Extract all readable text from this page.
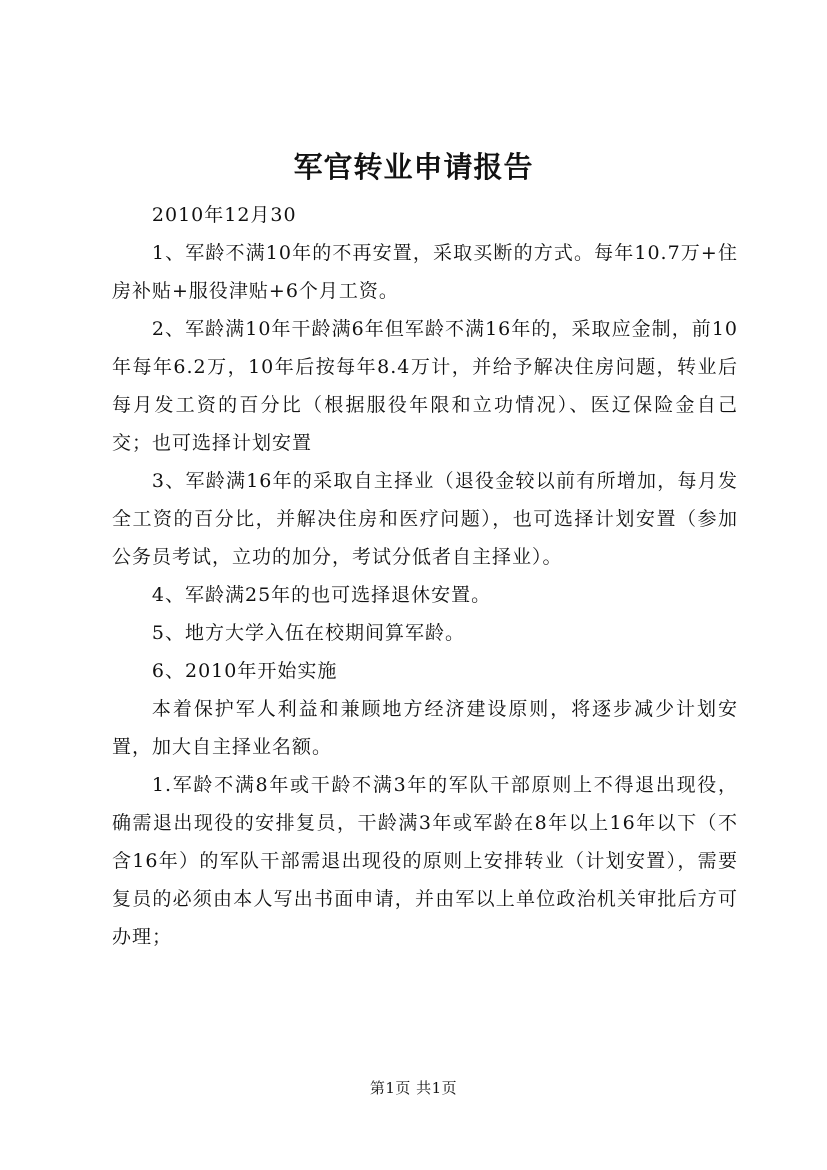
军官转业申请报告

2010年12月30

1、军龄不满10年的不再安置，采取买断的方式。每年10.7万+住房补贴+服役津贴+6个月工资。

2、军龄满10年干龄满6年但军龄不满16年的，采取应金制，前10年每年6.2万，10年后按每年8.4万计，并给予解决住房问题，转业后每月发工资的百分比（根据服役年限和立功情况）、医辽保险金自己交；也可选择计划安置

3、军龄满16年的采取自主择业（退役金较以前有所增加，每月发全工资的百分比，并解决住房和医疗问题），也可选择计划安置（参加公务员考试，立功的加分，考试分低者自主择业）。

4、军龄满25年的也可选择退休安置。

5、地方大学入伍在校期间算军龄。

6、2010年开始实施

本着保护军人利益和兼顾地方经济建设原则，将逐步减少计划安置，加大自主择业名额。

1.军龄不满8年或干龄不满3年的军队干部原则上不得退出现役，确需退出现役的安排复员，干龄满3年或军龄在8年以上16年以下（不含16年）的军队干部需退出现役的原则上安排转业（计划安置），需要复员的必须由本人写出书面申请，并由军以上单位政治机关审批后方可办理；

第1页 共1页
